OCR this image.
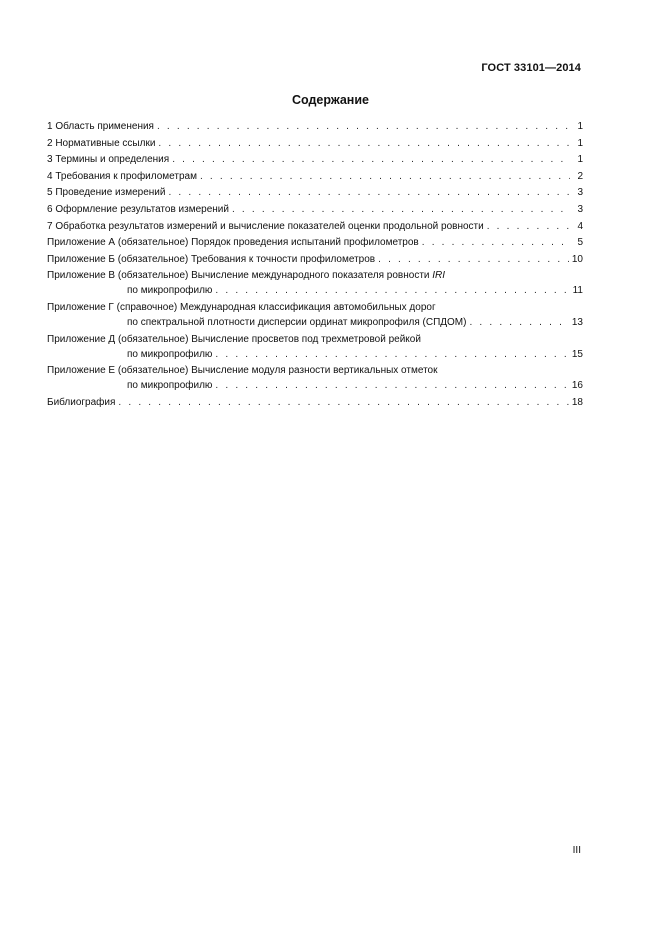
ГОСТ 33101—2014
Содержание
1 Область применения . . .	1
2 Нормативные ссылки . . .	1
3 Термины и определения . . .	1
4 Требования к профилометрам . . .	2
5 Проведение измерений . . .	3
6 Оформление результатов измерений . . .	3
7 Обработка результатов измерений и вычисление показателей оценки продольной ровности . . .	4
Приложение А (обязательное) Порядок проведения испытаний профилометров . . .	5
Приложение Б (обязательное) Требования к точности профилометров . . .	10
Приложение В (обязательное) Вычисление международного показателя ровности IRI
по микропрофилю . . .	11
Приложение Г (справочное) Международная классификация автомобильных дорог
по спектральной плотности дисперсии ординат микропрофиля (СПДОМ) . . .	13
Приложение Д (обязательное) Вычисление просветов под трехметровой рейкой
по микропрофилю . . .	15
Приложение Е (обязательное) Вычисление модуля разности вертикальных отметок
по микропрофилю . . .	16
Библиография . . .	18
III
